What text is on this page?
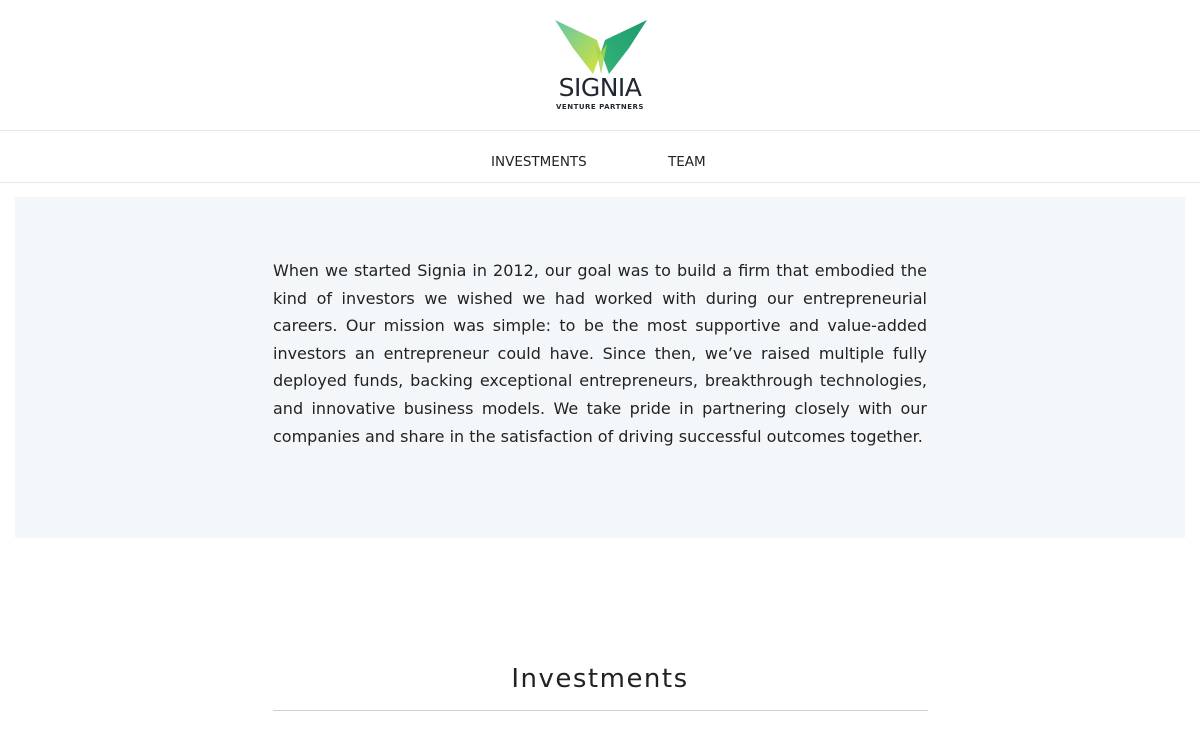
SIGNIA
VENTURE PARTNERS
INVESTMENTS	TEAM

When we started Signia in 2012, our goal was to build a firm that embodied the kind of investors we wished we had worked with during our entrepreneurial careers. Our mission was simple: to be the most supportive and value-added investors an entrepreneur could have. Since then, we’ve raised multiple fully deployed funds, backing exceptional entrepreneurs, breakthrough technologies, and innovative business models. We take pride in partnering closely with our companies and share in the satisfaction of driving successful outcomes together.

Investments
